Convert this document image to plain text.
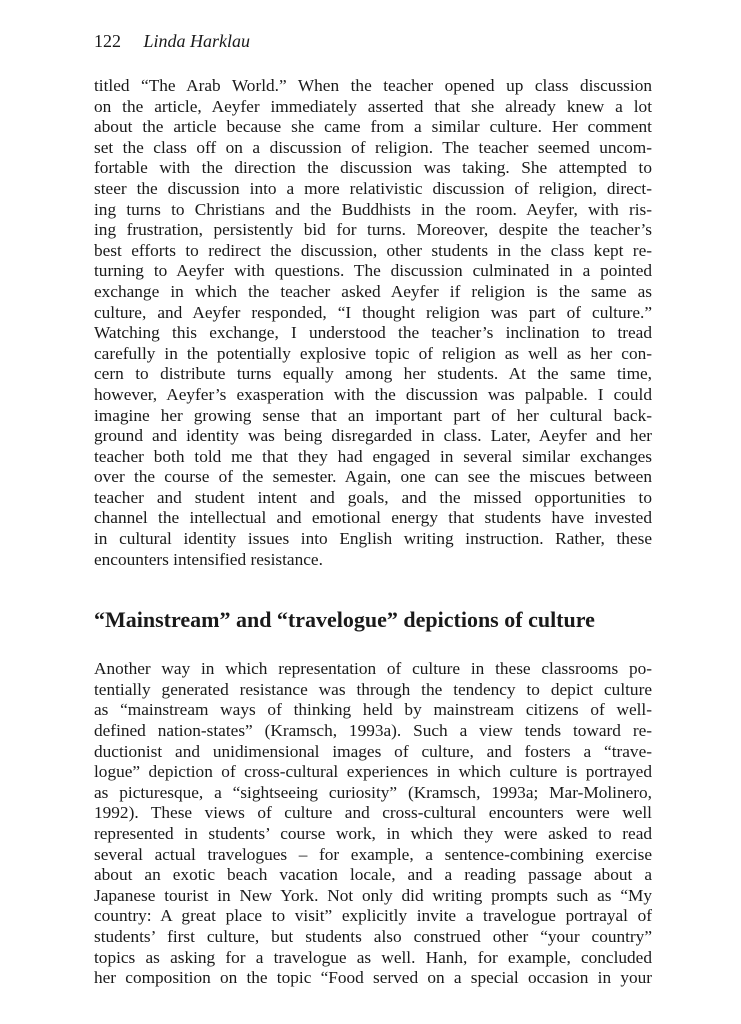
122 Linda Harklau
titled “The Arab World.” When the teacher opened up class discussion
on the article, Aeyfer immediately asserted that she already knew a lot
about the article because she came from a similar culture. Her comment
set the class off on a discussion of religion. The teacher seemed uncom-
fortable with the direction the discussion was taking. She attempted to
steer the discussion into a more relativistic discussion of religion, direct-
ing turns to Christians and the Buddhists in the room. Aeyfer, with ris-
ing frustration, persistently bid for turns. Moreover, despite the teacher’s
best efforts to redirect the discussion, other students in the class kept re-
turning to Aeyfer with questions. The discussion culminated in a pointed
exchange in which the teacher asked Aeyfer if religion is the same as
culture, and Aeyfer responded, “I thought religion was part of culture.”
Watching this exchange, I understood the teacher’s inclination to tread
carefully in the potentially explosive topic of religion as well as her con-
cern to distribute turns equally among her students. At the same time,
however, Aeyfer’s exasperation with the discussion was palpable. I could
imagine her growing sense that an important part of her cultural back-
ground and identity was being disregarded in class. Later, Aeyfer and her
teacher both told me that they had engaged in several similar exchanges
over the course of the semester. Again, one can see the miscues between
teacher and student intent and goals, and the missed opportunities to
channel the intellectual and emotional energy that students have invested
in cultural identity issues into English writing instruction. Rather, these
encounters intensified resistance.
“Mainstream” and “travelogue” depictions of culture
Another way in which representation of culture in these classrooms po-
tentially generated resistance was through the tendency to depict culture
as “mainstream ways of thinking held by mainstream citizens of well-
defined nation-states” (Kramsch, 1993a). Such a view tends toward re-
ductionist and unidimensional images of culture, and fosters a “trave-
logue” depiction of cross-cultural experiences in which culture is portrayed
as picturesque, a “sightseeing curiosity” (Kramsch, 1993a; Mar-Molinero,
1992). These views of culture and cross-cultural encounters were well
represented in students’ course work, in which they were asked to read
several actual travelogues – for example, a sentence-combining exercise
about an exotic beach vacation locale, and a reading passage about a
Japanese tourist in New York. Not only did writing prompts such as “My
country: A great place to visit” explicitly invite a travelogue portrayal of
students’ first culture, but students also construed other “your country”
topics as asking for a travelogue as well. Hanh, for example, concluded
her composition on the topic “Food served on a special occasion in your
